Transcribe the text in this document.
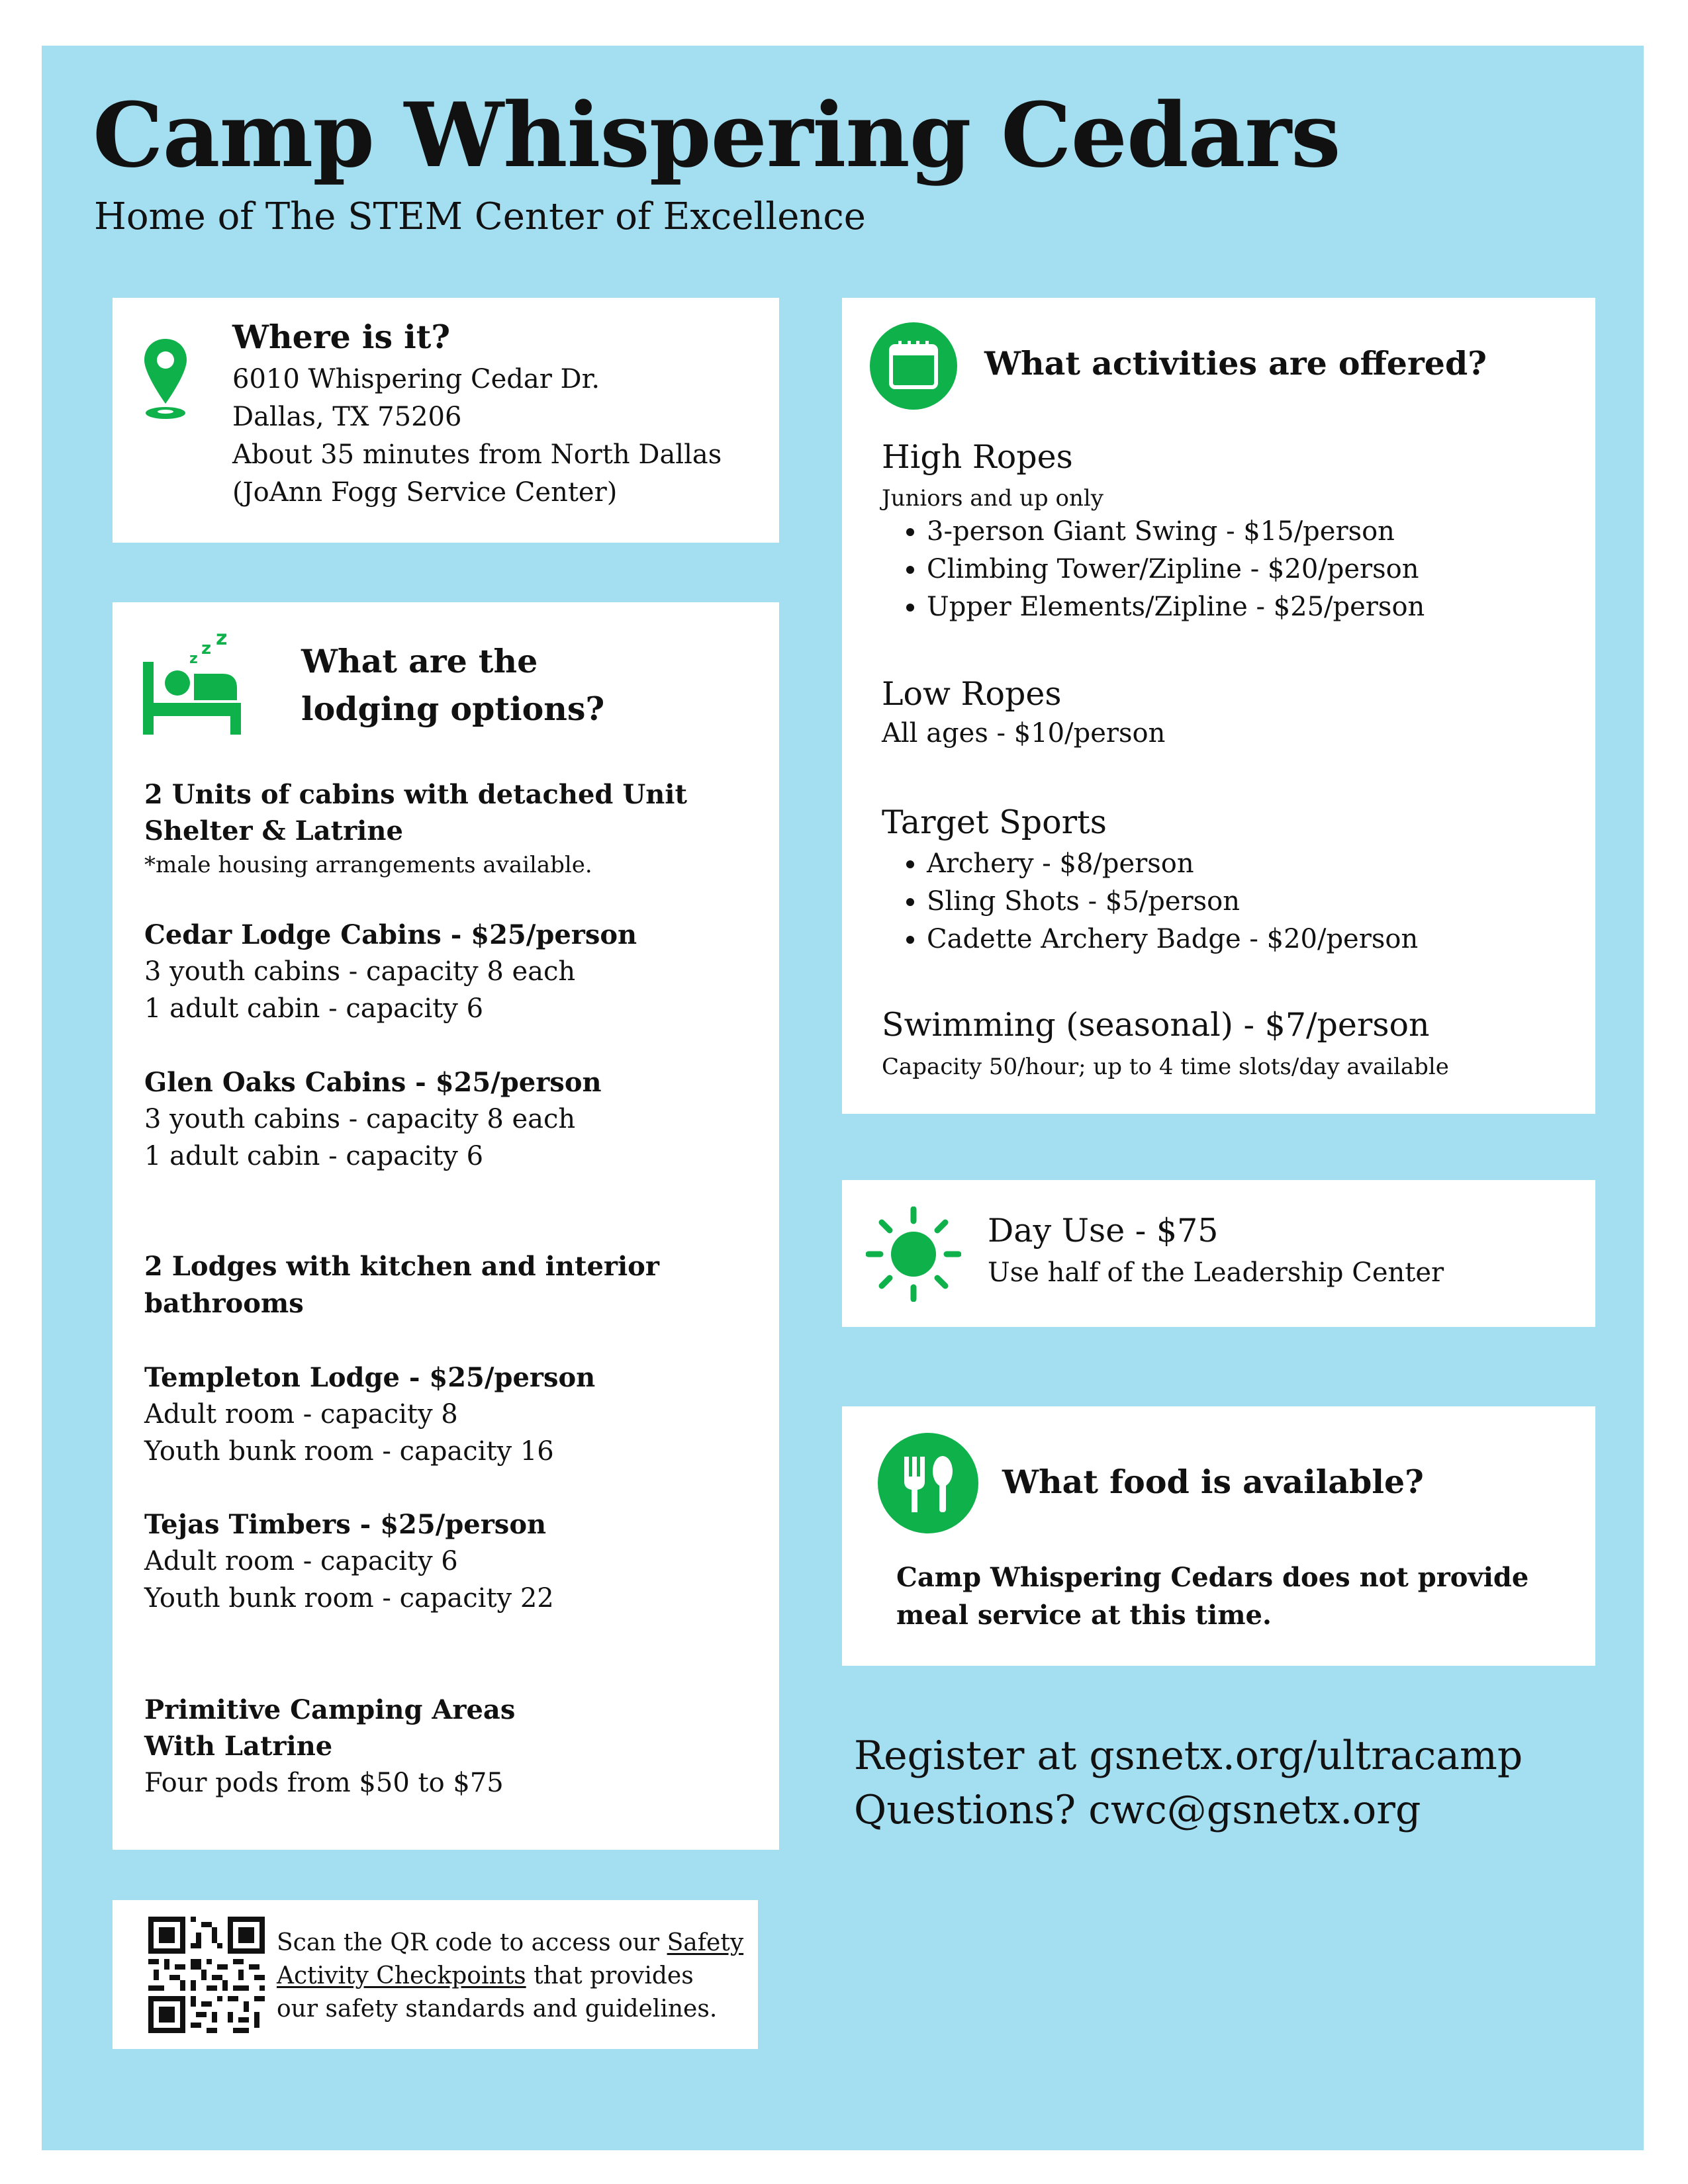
Camp Whispering Cedars

Home of The STEM Center of Excellence

Where is it?

6010 Whispering Cedar Dr.

Dallas, TX 75206

About 35 minutes from North Dallas

(JoAnn Fogg Service Center)

z
z z

What are the

lodging options?

2 Units of cabins with detached Unit

Shelter & Latrine

*male housing arrangements available.

Cedar Lodge Cabins - $25/person

3 youth cabins - capacity 8 each

1 adult cabin - capacity 6

Glen Oaks Cabins - $25/person

3 youth cabins - capacity 8 each

1 adult cabin - capacity 6

2 Lodges with kitchen and interior

bathrooms

Templeton Lodge - $25/person

Adult room - capacity 8

Youth bunk room - capacity 16

Tejas Timbers - $25/person

Adult room - capacity 6

Youth bunk room - capacity 22

Primitive Camping Areas

With Latrine

Four pods from $50 to $75

Scan the QR code to access our Safety

Activity Checkpoints that provides

our safety standards and guidelines.

What activities are offered?

High Ropes

Juniors and up only

• 3-person Giant Swing - $15/person
• Climbing Tower/Zipline - $20/person
• Upper Elements/Zipline - $25/person

Low Ropes

All ages - $10/person

Target Sports

• Archery - $8/person
• Sling Shots - $5/person
• Cadette Archery Badge - $20/person

Swimming (seasonal) - $7/person

Capacity 50/hour; up to 4 time slots/day available

Day Use - $75

Use half of the Leadership Center

What food is available?

Camp Whispering Cedars does not provide

meal service at this time.

Register at gsnetx.org/ultracamp

Questions? cwc@gsnetx.org
